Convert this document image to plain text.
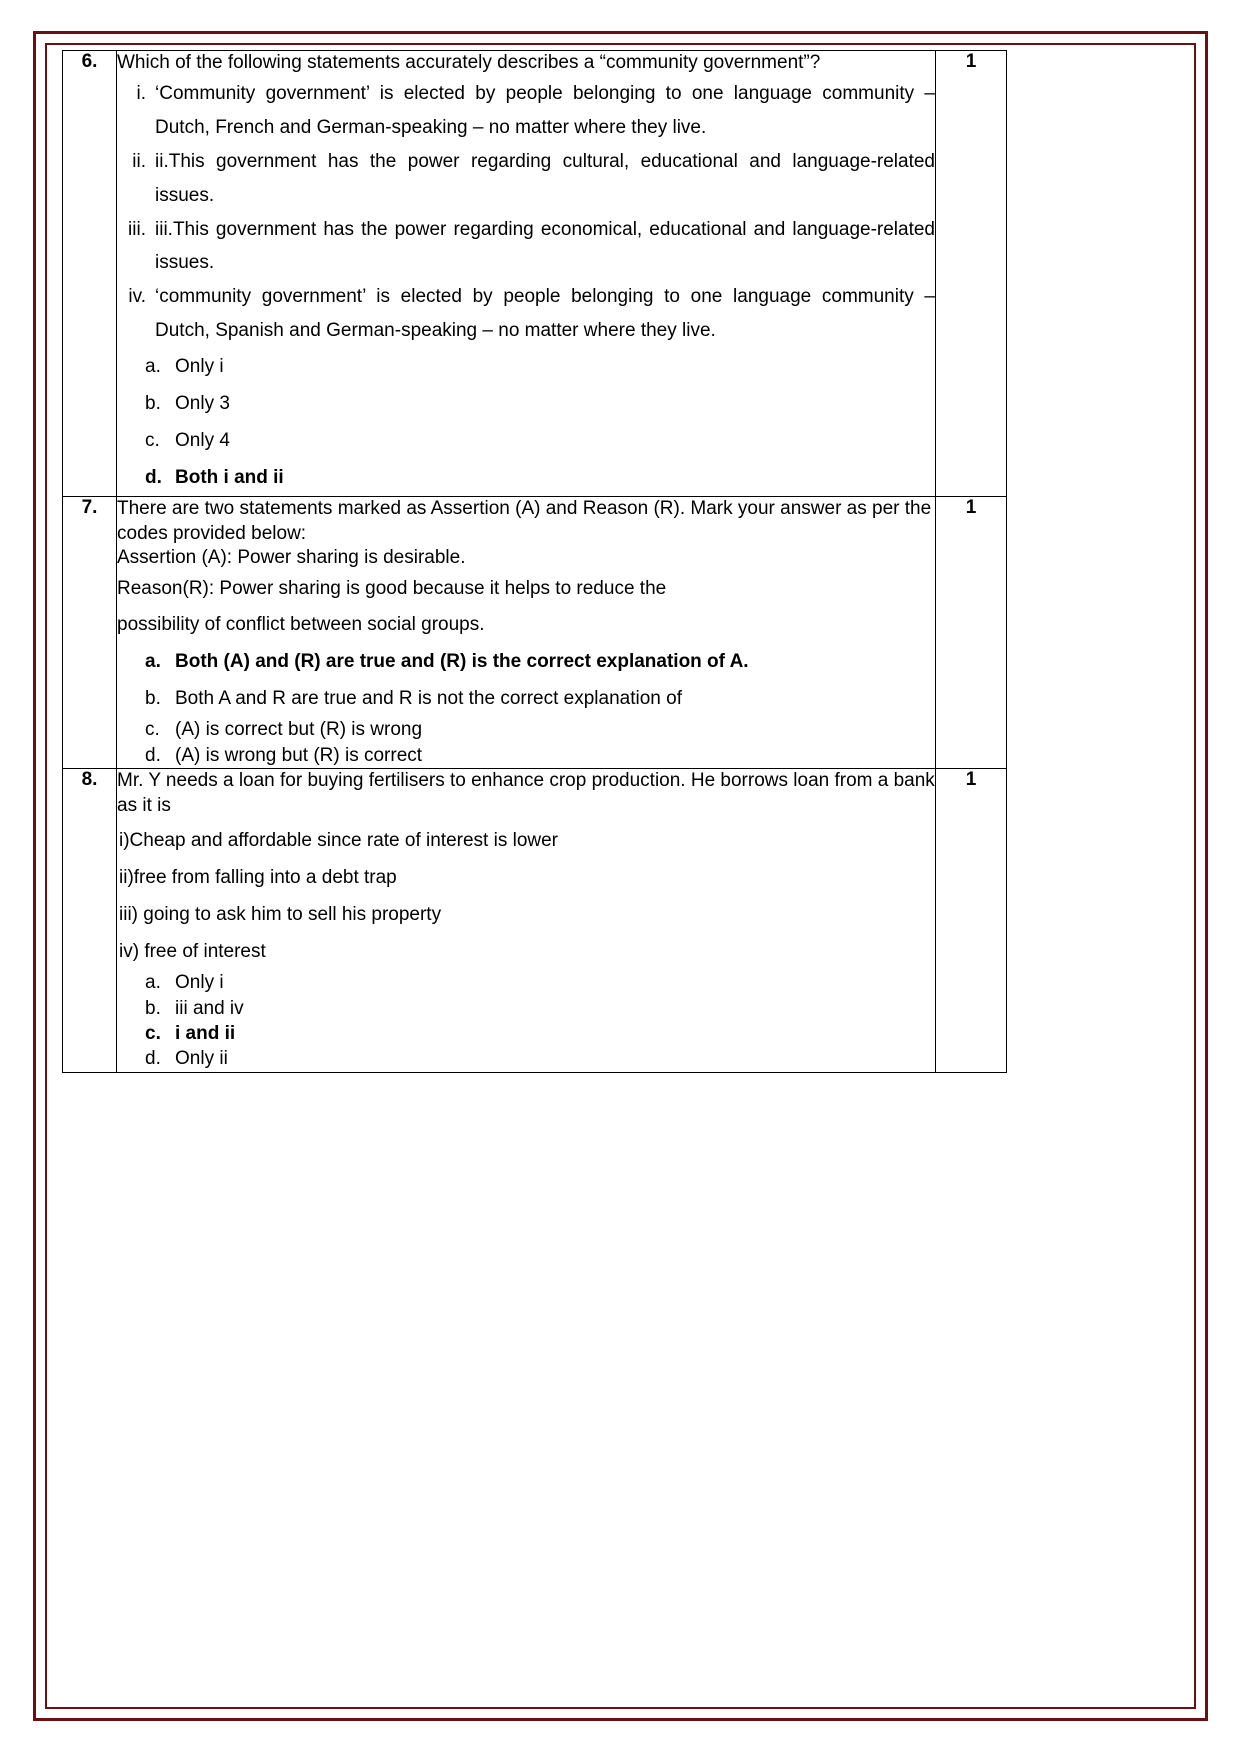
6.	Which of the following statements accurately describes a “community government”?

i. ‘Community government’ is elected by people belonging to one language community – Dutch, French and German-speaking – no matter where they live.
ii. ii.This government has the power regarding cultural, educational and language-related issues.
iii. iii.This government has the power regarding economical, educational and language-related issues.
iv. ‘community government’ is elected by people belonging to one language community – Dutch, Spanish and German-speaking – no matter where they live.
a. Only i
b. Only 3
c. Only 4
d. Both i and ii
	1
7.	There are two statements marked as Assertion (A) and Reason (R). Mark your answer as per the codes provided below:

Assertion (A): Power sharing is desirable.

Reason(R): Power sharing is good because it helps to reduce the

possibility of conflict between social groups.

a. Both (A) and (R) are true and (R) is the correct explanation of A.
b. Both A and R are true and R is not the correct explanation of
c. (A) is correct but (R) is wrong
d. (A) is wrong but (R) is correct
	1
8.	Mr. Y needs a loan for buying fertilisers to enhance crop production. He borrows loan from a bank as it is

i)Cheap and affordable since rate of interest is lower

ii)free from falling into a debt trap

iii) going to ask him to sell his property

iv) free of interest

a. Only i
b. iii and iv
c. i and ii
d. Only ii
	1
